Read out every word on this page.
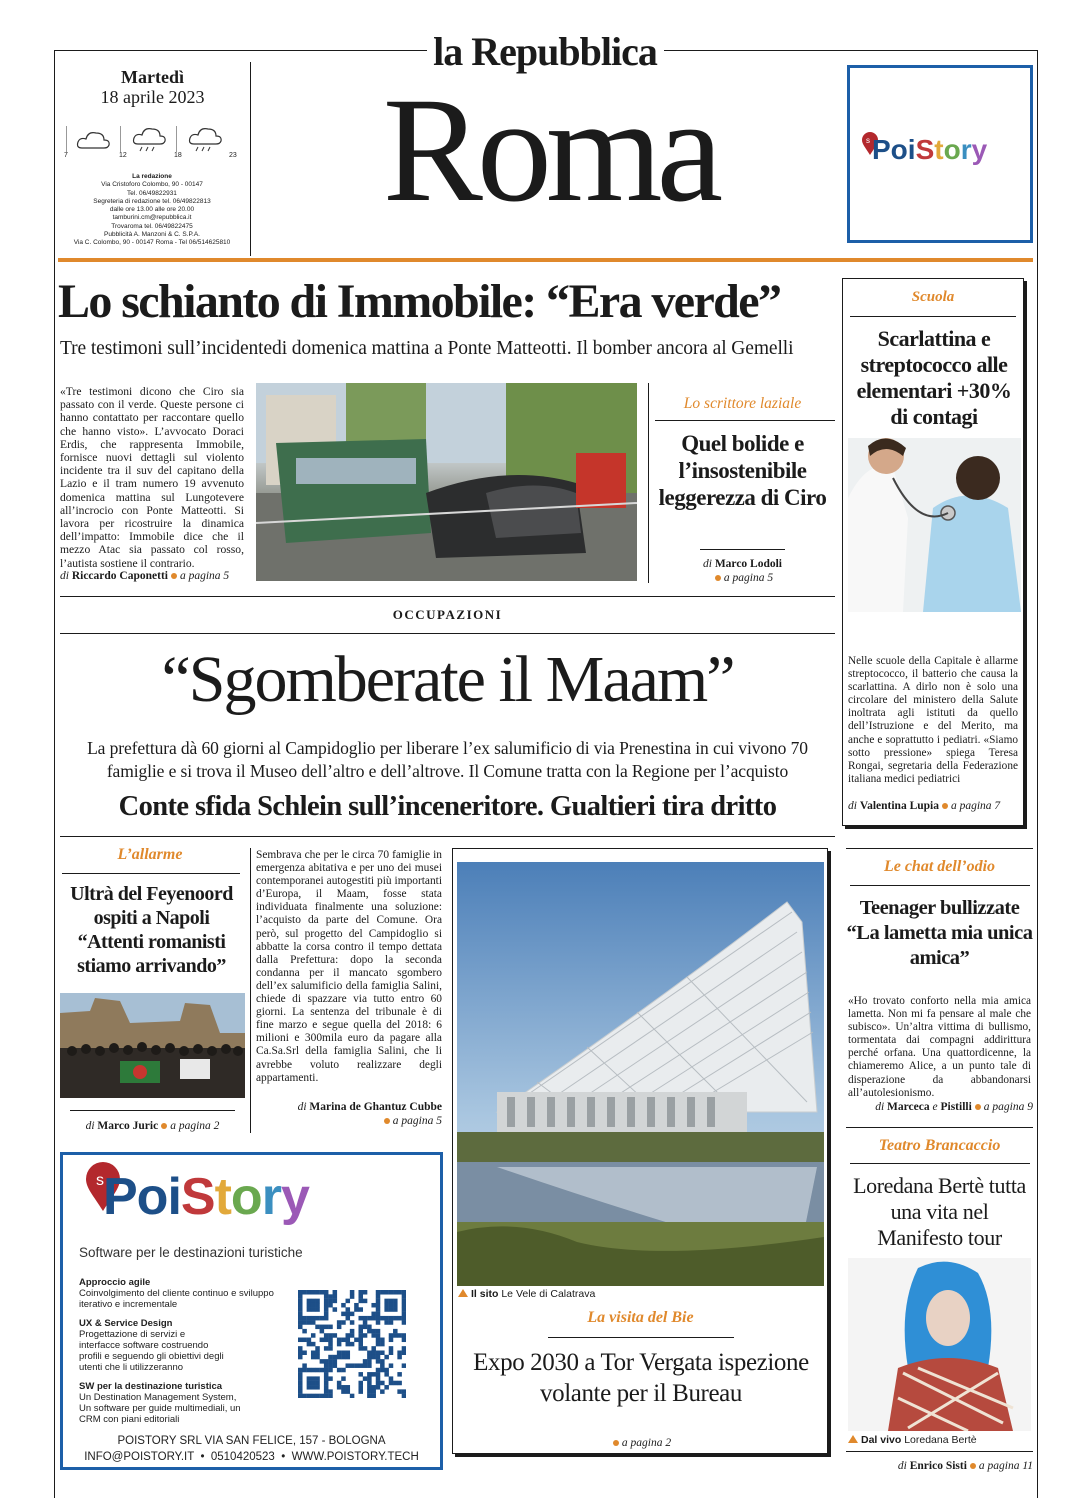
la Repubblica
Martedì
18 aprile 2023
7	12	18	23
La redazione
Via Cristoforo Colombo, 90 - 00147
Tel. 06/49822931
Segreteria di redazione tel. 06/49822813
dalle ore 13.00 alle ore 20.00
tamburini.cm@repubblica.it
Trovaroma tel. 06/49822475
Pubblicità A. Manzoni & C. S.P.A.
Via C. Colombo, 90 - 00147 Roma - Tel 06/514625810
Roma	s PoiStory
Lo schianto di Immobile: “Era verde”
Tre testimoni sull’incidentedi domenica mattina a Ponte Matteotti. Il bomber ancora al Gemelli
«Tre testimoni dicono che Ciro sia passato con il verde. Queste persone ci hanno contattato per raccontare quello che hanno visto». L’avvocato Doraci Erdis, che rappresenta Immobile, fornisce nuovi dettagli sul violento incidente tra il suv del capitano della Lazio e il tram numero 19 avvenuto domenica mattina sul Lungotevere all’incrocio con Ponte Matteotti. Si lavora per ricostruire la dinamica dell’impatto: Immobile dice che il mezzo Atac sia passato col rosso, l’autista sostiene il contrario.
di Riccardo Caponetti a pagina 5
Lo scrittore laziale
Quel bolide e l’insostenibile leggerezza di Ciro
di Marco Lodoli
a pagina 5
Scuola
Scarlattina e streptococco alle elementari +30% di contagi
Nelle scuole della Capitale è allarme streptococco, il batterio che causa la scarlattina. A dirlo non è solo una circolare del ministero della Salute inoltrata agli istituti da quello dell’Istruzione e del Merito, ma anche e soprattutto i pediatri. «Siamo sotto pressione» spiega Teresa Rongai, segretaria della Federazione italiana medici pediatrici
di Valentina Lupia a pagina 7
OCCUPAZIONI
“Sgomberate il Maam”
La prefettura dà 60 giorni al Campidoglio per liberare l’ex salumificio di via Prenestina in cui vivono 70 famiglie e si trova il Museo dell’altro e dell’altrove. Il Comune tratta con la Regione per l’acquisto
Conte sfida Schlein sull’inceneritore. Gualtieri tira dritto
L’allarme
Ultrà del Feyenoord ospiti a Napoli “Attenti romanisti stiamo arrivando”
di Marco Juric a pagina 2
Sembrava che per le circa 70 famiglie in emergenza abitativa e per uno dei musei contemporanei autogestiti più importanti d’Europa, il Maam, fosse stata individuata finalmente una soluzione: l’acquisto da parte del Comune. Ora però, sul progetto del Campidoglio si abbatte la corsa contro il tempo dettata dalla Prefettura: dopo la seconda condanna per il mancato sgombero dell’ex salumificio della famiglia Salini, chiede di spazzare via tutto entro 60 giorni. La sentenza del tribunale è di fine marzo e segue quella del 2018: 6 milioni e 300mila euro da pagare alla Ca.Sa.Srl della famiglia Salini, che li avrebbe voluto realizzare degli appartamenti.
di Marina de Ghantuz Cubbe
a pagina 5
Il sito Le Vele di Calatrava
La visita del Bie
Expo 2030 a Tor Vergata ispezione volante per il Bureau
a pagina 2
Le chat dell’odio
Teenager bullizzate “La lametta mia unica amica”
«Ho trovato conforto nella mia amica lametta. Non mi fa pensare al male che subisco». Un’altra vittima di bullismo, tormentata dai compagni addirittura perché orfana. Una quattordicenne, la chiameremo Alice, a un punto tale di disperazione da abbandonarsi all’autolesionismo.
di Marceca e Pistilli a pagina 9
Teatro Brancaccio
Loredana Bertè tutta una vita nel Manifesto tour
Dal vivo Loredana Bertè
di Enrico Sisti a pagina 11
s PoiStory
Software per le destinazioni turistiche
Approccio agile
Coinvolgimento del cliente continuo e sviluppo iterativo e incrementale
UX & Service Design
Progettazione di servizi e interfacce software costruendo profili e seguendo gli obiettivi degli utenti che li utilizzeranno
SW per la destinazione turistica
Un Destination Management System, Un software per guide multimediali, un CRM con piani editoriali
POISTORY SRL VIA SAN FELICE, 157 - BOLOGNA
INFO@POISTORY.IT  •  0510420523  •  WWW.POISTORY.TECH
